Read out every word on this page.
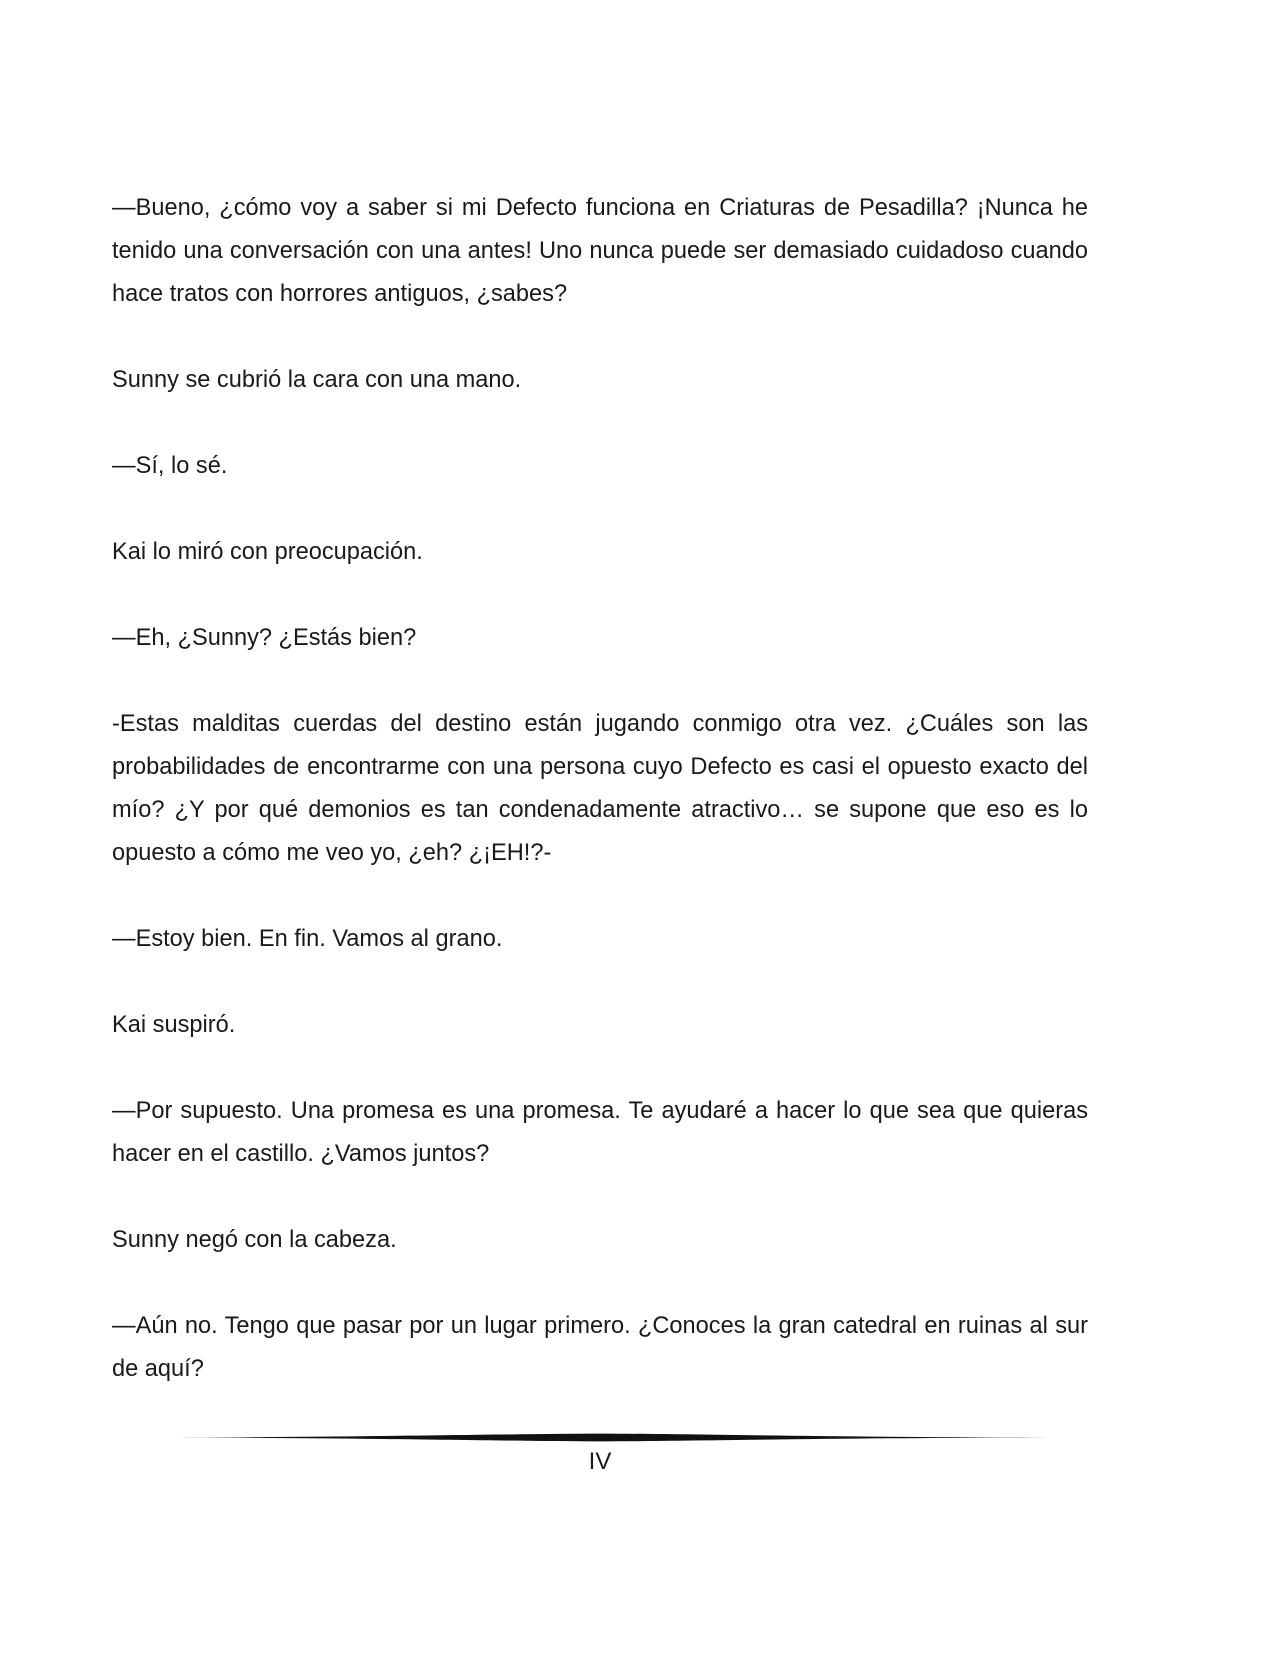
—Bueno, ¿cómo voy a saber si mi Defecto funciona en Criaturas de Pesadilla? ¡Nunca he tenido una conversación con una antes! Uno nunca puede ser demasiado cuidadoso cuando hace tratos con horrores antiguos, ¿sabes?

Sunny se cubrió la cara con una mano.

—Sí, lo sé.

Kai lo miró con preocupación.

—Eh, ¿Sunny? ¿Estás bien?

-Estas malditas cuerdas del destino están jugando conmigo otra vez. ¿Cuáles son las probabilidades de encontrarme con una persona cuyo Defecto es casi el opuesto exacto del mío? ¿Y por qué demonios es tan condenadamente atractivo… se supone que eso es lo opuesto a cómo me veo yo, ¿eh? ¿¡EH!?-

—Estoy bien. En fin. Vamos al grano.

Kai suspiró.

—Por supuesto. Una promesa es una promesa. Te ayudaré a hacer lo que sea que quieras hacer en el castillo. ¿Vamos juntos?

Sunny negó con la cabeza.

—Aún no. Tengo que pasar por un lugar primero. ¿Conoces la gran catedral en ruinas al sur de aquí?

IV
